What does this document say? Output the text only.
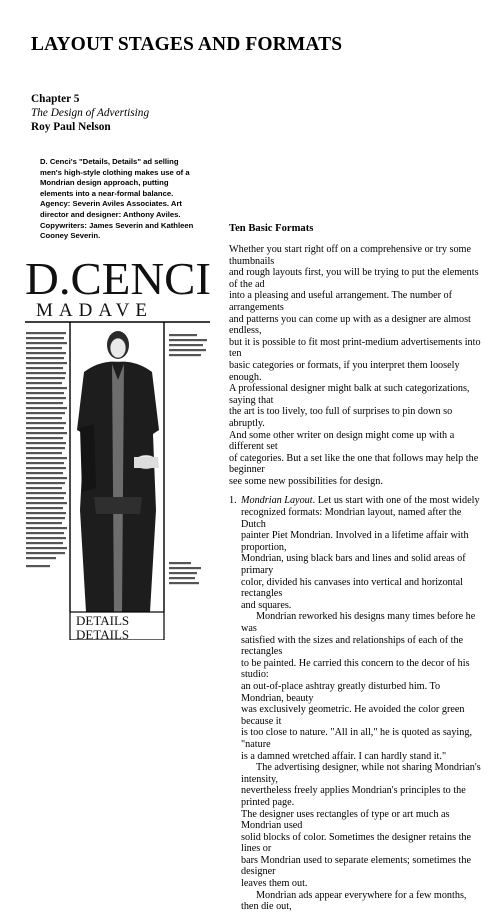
LAYOUT STAGES AND FORMATS
Chapter 5
The Design of Advertising
Roy Paul Nelson
D. Cenci's "Details, Details" ad selling men's high-style clothing makes use of a Mondrian design approach, putting elements into a near-formal balance. Agency: Severin Aviles Associates. Art director and designer: Anthony Aviles. Copywriters: James Severin and Kathleen Cooney Severin.
D.CENCI
MADAVE
DETAILS
DETAILS
Ten Basic Formats

Whether you start right off on a comprehensive or try some thumbnails

and rough layouts first, you will be trying to put the elements of the ad

into a pleasing and useful arrangement. The number of arrangements

and patterns you can come up with as a designer are almost endless,

but it is possible to fit most print-medium advertisements into ten

basic categories or formats, if you interpret them loosely enough.

A professional designer might balk at such categorizations, saying that

the art is too lively, too full of surprises to pin down so abruptly.

And some other writer on design might come up with a different set

of categories. But a set like the one that follows may help the beginner

see some new possibilities for design.

1. Mondrian Layout. Let us start with one of the most widely

recognized formats: Mondrian layout, named after the Dutch

painter Piet Mondrian. Involved in a lifetime affair with proportion,

Mondrian, using black bars and lines and solid areas of primary

color, divided his canvases into vertical and horizontal rectangles

and squares.

Mondrian reworked his designs many times before he was

satisfied with the sizes and relationships of each of the rectangles

to be painted. He carried this concern to the decor of his studio:

an out-of-place ashtray greatly disturbed him. To Mondrian, beauty

was exclusively geometric. He avoided the color green because it

is too close to nature. "All in all," he is quoted as saying, "nature

is a damned wretched affair. I can hardly stand it."

The advertising designer, while not sharing Mondrian's intensity,

nevertheless freely applies Mondrian's principles to the printed page.

The designer uses rectangles of type or art much as Mondrian used

solid blocks of color. Sometimes the designer retains the lines or

bars Mondrian used to separate elements; sometimes the designer

leaves them out.

Mondrian ads appear everywhere for a few months, then die out,
